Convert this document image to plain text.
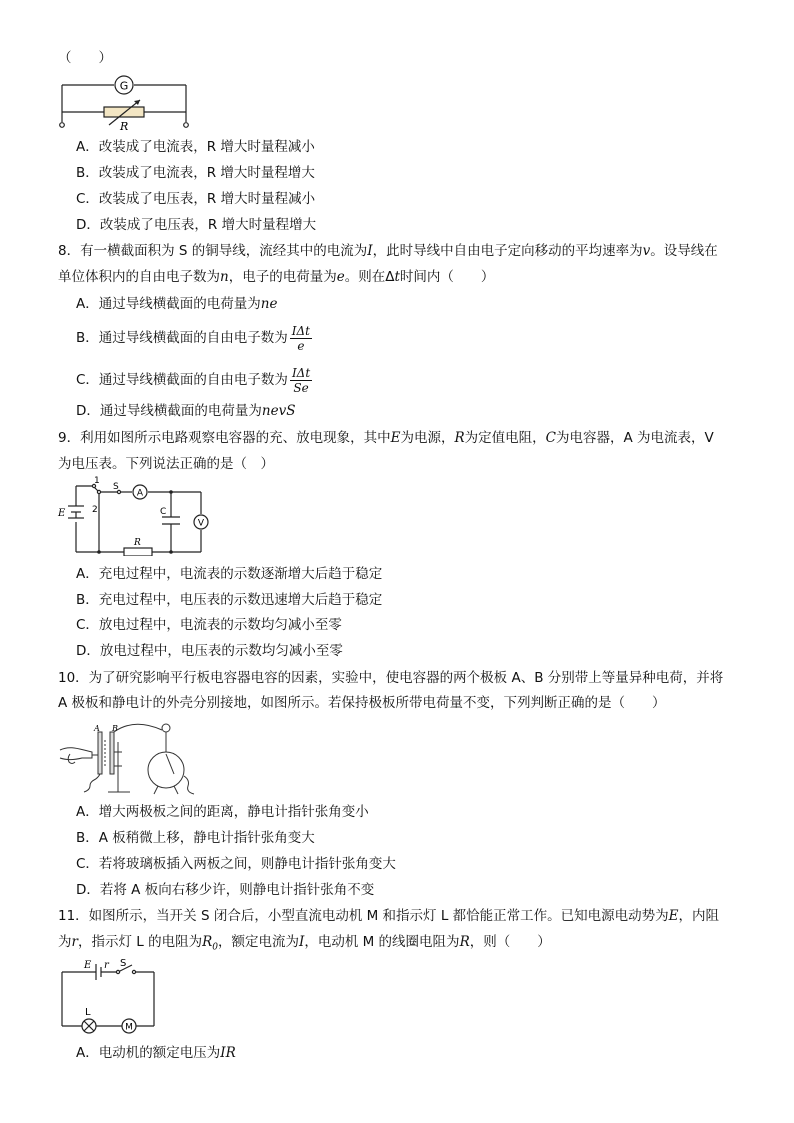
（　　）
G
R
A．改装成了电流表，R 增大时量程减小
B．改装成了电流表，R 增大时量程增大
C．改装成了电压表，R 增大时量程减小
D．改装成了电压表，R 增大时量程增大
8．有一横截面积为 S 的铜导线，流经其中的电流为I，此时导线中自由电子定向移动的平均速率为v。设导线在
单位体积内的自由电子数为n，电子的电荷量为e。则在Δt时间内（　　）
A．通过导线横截面的电荷量为ne
B．通过导线横截面的自由电子数为 $\frac{\text{IΔt}}{e}$
C．通过导线横截面的自由电子数为 $\frac{\text{IΔt}}{Se}$
D．通过导线横截面的电荷量为nevS
9．利用如图所示电路观察电容器的充、放电现象，其中E为电源，R为定值电阻，C为电容器，A 为电流表，V
为电压表。下列说法正确的是（　）
E
1
2
S
A
C
V
R
A．充电过程中，电流表的示数逐渐增大后趋于稳定
B．充电过程中，电压表的示数迅速增大后趋于稳定
C．放电过程中，电流表的示数均匀减小至零
D．放电过程中，电压表的示数均匀减小至零
10．为了研究影响平行板电容器电容的因素，实验中，使电容器的两个极板 A、B 分别带上等量异种电荷，并将
A 极板和静电计的外壳分别接地，如图所示。若保持极板所带电荷量不变，下列判断正确的是（　　）
A B
A．增大两极板之间的距离，静电计指针张角变小
B．A 板稍微上移，静电计指针张角变大
C．若将玻璃板插入两板之间，则静电计指针张角变大
D．若将 A 板向右移少许，则静电计指针张角不变
11．如图所示，当开关 S 闭合后，小型直流电动机 M 和指示灯 L 都恰能正常工作。已知电源电动势为E，内阻
为r，指示灯 L 的电阻为$R_0$，额定电流为I，电动机 M 的线圈电阻为R，则（　　）
E r S
L
M
A．电动机的额定电压为IR
